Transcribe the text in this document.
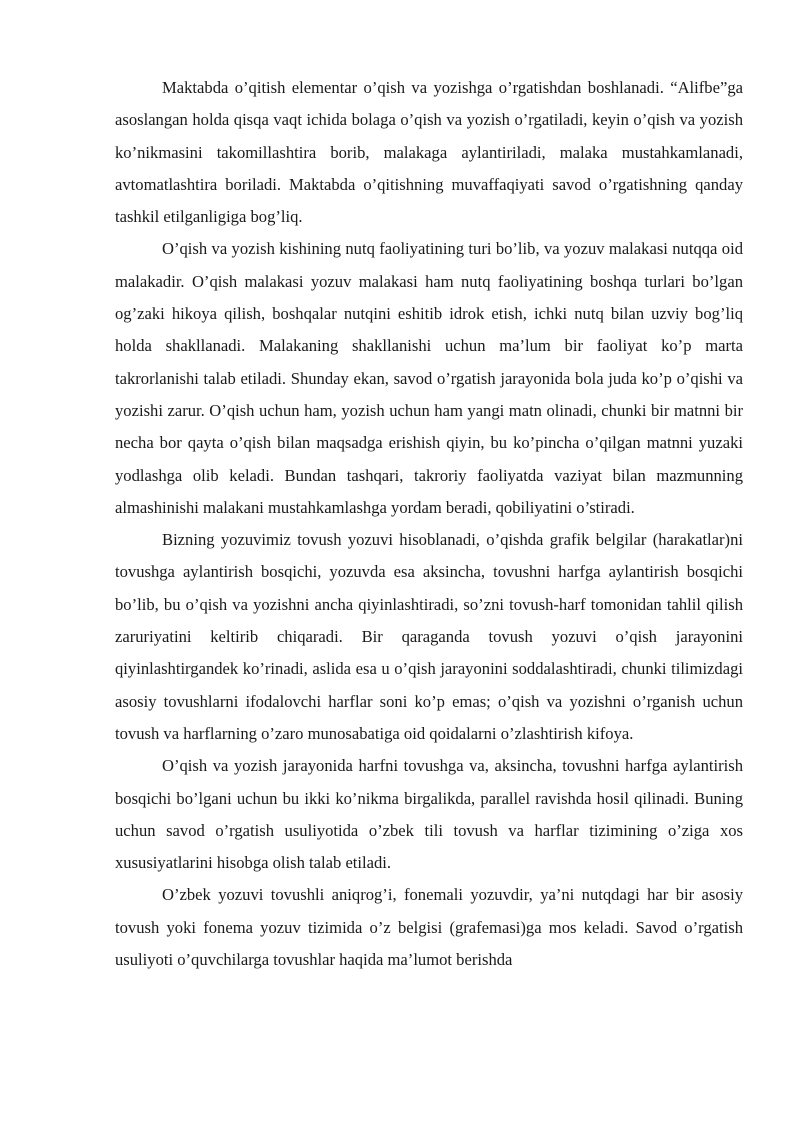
Maktabda o’qitish elementar o’qish va yozishga o’rgatishdan boshlanadi. “Alifbe”ga asoslangan holda qisqa vaqt ichida bolaga o’qish va yozish o’rgatiladi, keyin o’qish va yozish ko’nikmasini takomillashtira borib, malakaga aylantiriladi, malaka mustahkamlanadi, avtomatlashtira boriladi. Maktabda o’qitishning muvaffaqiyati savod o’rgatishning qanday tashkil etilganligiga bog’liq.

O’qish va yozish kishining nutq faoliyatining turi bo’lib, va yozuv malakasi nutqqa oid malakadir. O’qish malakasi yozuv malakasi ham nutq faoliyatining boshqa turlari bo’lgan og’zaki hikoya qilish, boshqalar nutqini eshitib idrok etish, ichki nutq bilan uzviy bog’liq holda shakllanadi. Malakaning shakllanishi uchun ma’lum bir faoliyat ko’p marta takrorlanishi talab etiladi. Shunday ekan, savod o’rgatish jarayonida bola juda ko’p o’qishi va yozishi zarur. O’qish uchun ham, yozish uchun ham yangi matn olinadi, chunki bir matnni bir necha bor qayta o’qish bilan maqsadga erishish qiyin, bu ko’pincha o’qilgan matnni yuzaki yodlashga olib keladi. Bundan tashqari, takroriy faoliyatda vaziyat bilan mazmunning almashinishi malakani mustahkamlashga yordam beradi, qobiliyatini o’stiradi.

Bizning yozuvimiz tovush yozuvi hisoblanadi, o’qishda grafik belgilar (harakatlar)ni tovushga aylantirish bosqichi, yozuvda esa aksincha, tovushni harfga aylantirish bosqichi bo’lib, bu o’qish va yozishni ancha qiyinlashtiradi, so’zni tovush-harf tomonidan tahlil qilish zaruriyatini keltirib chiqaradi. Bir qaraganda tovush yozuvi o’qish jarayonini qiyinlashtirgandek ko’rinadi, aslida esa u o’qish jarayonini soddalashtiradi, chunki tilimizdagi asosiy tovushlarni ifodalovchi harflar soni ko’p emas; o’qish va yozishni o’rganish uchun tovush va harflarning o’zaro munosabatiga oid qoidalarni o’zlashtirish kifoya.

O’qish va yozish jarayonida harfni tovushga va, aksincha, tovushni harfga aylantirish bosqichi bo’lgani uchun bu ikki ko’nikma birgalikda, parallel ravishda hosil qilinadi. Buning uchun savod o’rgatish usuliyotida o’zbek tili tovush va harflar tizimining o’ziga xos xususiyatlarini hisobga olish talab etiladi.

O’zbek yozuvi tovushli aniqrog’i, fonemali yozuvdir, ya’ni nutqdagi har bir asosiy tovush yoki fonema yozuv tizimida o’z belgisi (grafemasi)ga mos keladi. Savod o’rgatish usuliyoti o’quvchilarga tovushlar haqida ma’lumot berishda
